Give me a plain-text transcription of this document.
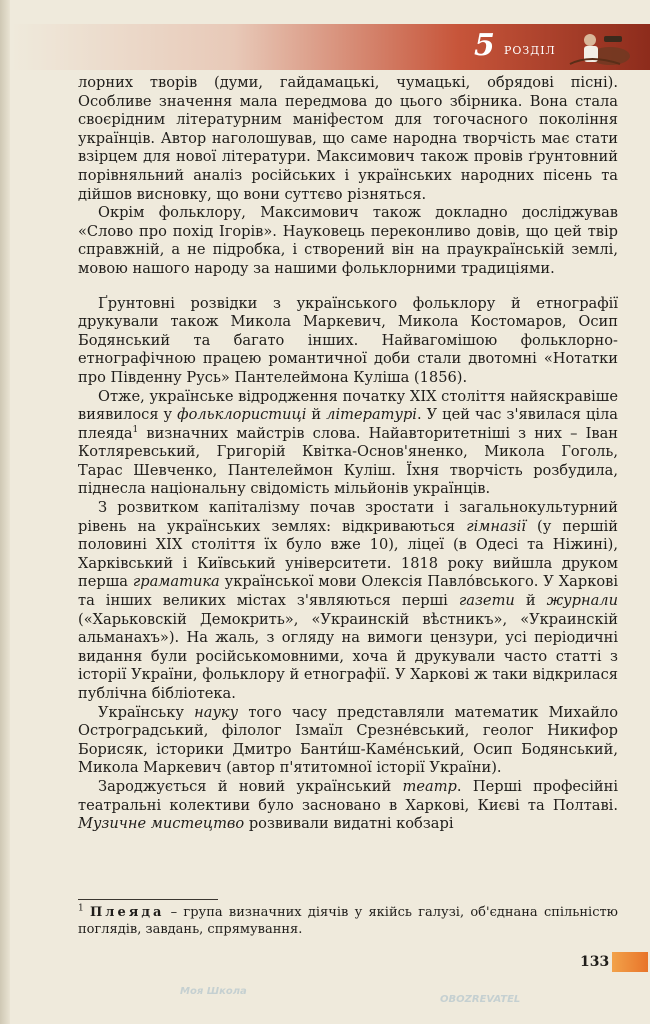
5 РОЗДІЛ

лорних творів (думи, гайдамацькі, чумацькі, обрядові пісні). Особливе значення мала передмова до цього збірника. Вона стала своєрідним літературним маніфестом для тогочасного покоління українців. Автор наголошував, що саме народна творчість має стати взірцем для нової літератури. Максимович також провів ґрунтовний порівняльний аналіз російських і українських народних пісень та дійшов висновку, що вони суттєво різняться.

Окрім фольклору, Максимович також докладно досліджував «Слово про похід Ігорів». Науковець переконливо довів, що цей твір справжній, а не підробка, і створений він на праукраїнській землі, мовою нашого народу за нашими фольклорними традиціями.

Ґрунтовні розвідки з українського фольклору й етнографії друкували також Микола Маркевич, Микола Костомаров, Осип Бодянський та багато інших. Найвагомішою фольклорно-етнографічною працею романтичної доби стали двотомні «Нотатки про Південну Русь» Пантелеймона Куліша (1856).

Отже, українське відродження початку XIX століття найяскравіше виявилося у фольклористиці й літературі. У цей час з'явилася ціла плеяда$^1$ визначних майстрів слова. Найавторитетніші з них – Іван Котляревський, Григорій Квітка-Основ'яненко, Микола Гоголь, Тарас Шевченко, Пантелеймон Куліш. Їхня творчість розбудила, піднесла національну свідомість мільйонів українців.

З розвитком капіталізму почав зростати і загальнокультурний рівень на українських землях: відкриваються гімназії (у першій половині XIX століття їх було вже 10), ліцеї (в Одесі та Ніжині), Харківський і Київський університети. 1818 року вийшла друком перша граматика української мови Олексія Павло́вського. У Харкові та інших великих містах з'являються перші газети й журнали («Харьковскій Демокрить», «Украинскій вѣстникъ», «Украинскій альманахъ»). На жаль, з огляду на вимоги цензури, усі періодичні видання були російськомовними, хоча й друкували часто статті з історії України, фольклору й етнографії. У Харкові ж таки відкрилася публічна бібліотека.

Українську науку того часу представляли математик Михайло Остроградський, філолог Ізмаїл Срезне́вський, геолог Никифор Борисяк, історики Дмитро Банти́ш-Каме́нський, Осип Бодянський, Микола Маркевич (автор п'ятитомної історії України).

Зароджується й новий український театр. Перші професійні театральні колективи було засновано в Харкові, Києві та Полтаві. Музичне мистецтво розвивали видатні кобзарі

$^1$ Плеяда – група визначних діячів у якійсь галузі, об'єднана спільністю поглядів, завдань, спрямування.
133
Моя Школа
OBOZREVATEL
